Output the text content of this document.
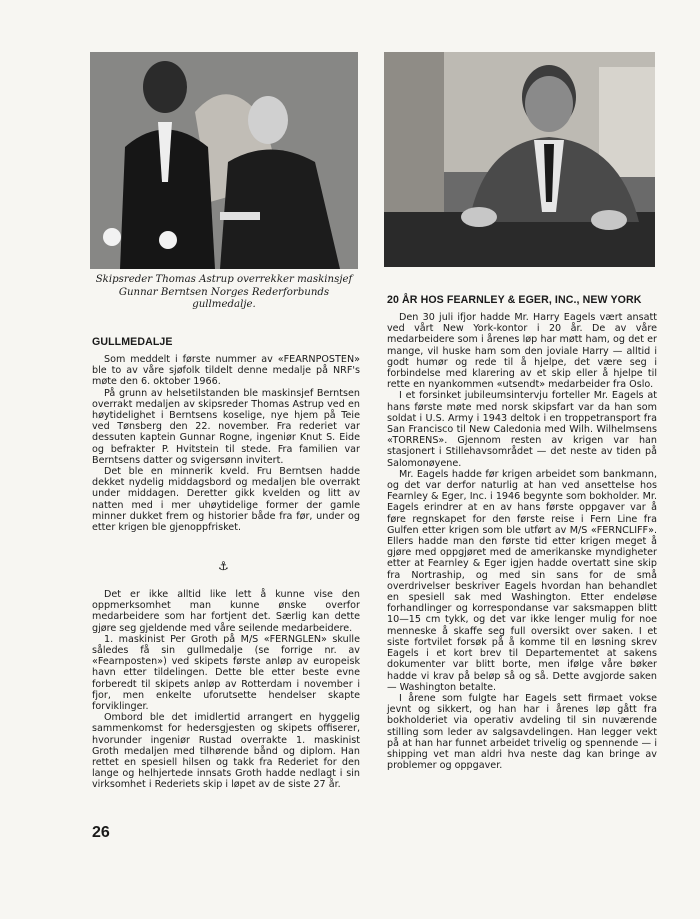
Skipsreder Thomas Astrup overrekker maskinsjef Gunnar Berntsen Norges Rederforbunds gullmedalje.
GULLMEDALJE

Som meddelt i første nummer av «FEARNPOSTEN» ble to av våre sjøfolk tildelt denne medalje på NRF's møte den 6. oktober 1966.

På grunn av helsetilstanden ble maskinsjef Berntsen overrakt medaljen av skipsreder Thomas Astrup ved en høytidelighet i Berntsens koselige, nye hjem på Teie ved Tønsberg den 22. november. Fra rederiet var dessuten kaptein Gunnar Rogne, ingeniør Knut S. Eide og befrakter P. Hvitstein til stede. Fra familien var Berntsens datter og svigersønn invitert.

Det ble en minnerik kveld. Fru Berntsen hadde dekket nydelig middagsbord og medaljen ble overrakt under middagen. Deretter gikk kvelden og litt av natten med i mer uhøytidelige former der gamle minner dukket frem og historier både fra før, under og etter krigen ble gjenoppfrisket.

⚓

Det er ikke alltid like lett å kunne vise den oppmerksomhet man kunne ønske overfor medarbeidere som har fortjent det. Særlig kan dette gjøre seg gjeldende med våre seilende medarbeidere.

1. maskinist Per Groth på M/S «FERNGLEN» skulle således få sin gullmedalje (se forrige nr. av «Fearnposten») ved skipets første anløp av europeisk havn etter tildelingen. Dette ble etter beste evne forberedt til skipets anløp av Rotterdam i november i fjor, men enkelte uforutsette hendelser skapte forviklinger.

Ombord ble det imidlertid arrangert en hyggelig sammenkomst for hedersgjesten og skipets offiserer, hvorunder ingeniør Rustad overrakte 1. maskinist Groth medaljen med tilhørende bånd og diplom. Han rettet en spesiell hilsen og takk fra Rederiet for den lange og helhjertede innsats Groth hadde nedlagt i sin virksomhet i Rederiets skip i løpet av de siste 27 år.

20 ÅR HOS FEARNLEY & EGER, INC., NEW YORK

Den 30 juli ifjor hadde Mr. Harry Eagels vært ansatt ved vårt New York-kontor i 20 år. De av våre medarbeidere som i årenes løp har møtt ham, og det er mange, vil huske ham som den joviale Harry — alltid i godt humør og rede til å hjelpe, det være seg i forbindelse med klarering av et skip eller å hjelpe til rette en nyankommen «utsendt» medarbeider fra Oslo.

I et forsinket jubileumsintervju forteller Mr. Eagels at hans første møte med norsk skipsfart var da han som soldat i U.S. Army i 1943 deltok i en troppetransport fra San Francisco til New Caledonia med Wilh. Wilhelmsens «TORRENS». Gjennom resten av krigen var han stasjonert i Stillehavsområdet — det neste av tiden på Salomonøyene.

Mr. Eagels hadde før krigen arbeidet som bankmann, og det var derfor naturlig at han ved ansettelse hos Fearnley & Eger, Inc. i 1946 begynte som bokholder. Mr. Eagels erindrer at en av hans første oppgaver var å føre regnskapet for den første reise i Fern Line fra Gulfen etter krigen som ble utført av M/S «FERNCLIFF». Ellers hadde man den første tid etter krigen meget å gjøre med oppgjøret med de amerikanske myndigheter etter at Fearnley & Eger igjen hadde overtatt sine skip fra Nortraship, og med sin sans for de små overdrivelser beskriver Eagels hvordan han behandlet en spesiell sak med Washington. Etter endeløse forhandlinger og korrespondanse var saksmappen blitt 10—15 cm tykk, og det var ikke lenger mulig for noe menneske å skaffe seg full oversikt over saken. I et siste fortvilet forsøk på å komme til en løsning skrev Eagels i et kort brev til Departementet at sakens dokumenter var blitt borte, men ifølge våre bøker hadde vi krav på beløp så og så. Dette avgjorde saken — Washington betalte.

I årene som fulgte har Eagels sett firmaet vokse jevnt og sikkert, og han har i årenes løp gått fra bokholderiet via operativ avdeling til sin nuværende stilling som leder av salgsavdelingen. Han legger vekt på at han har funnet arbeidet trivelig og spennende — i shipping vet man aldri hva neste dag kan bringe av problemer og oppgaver.

26
